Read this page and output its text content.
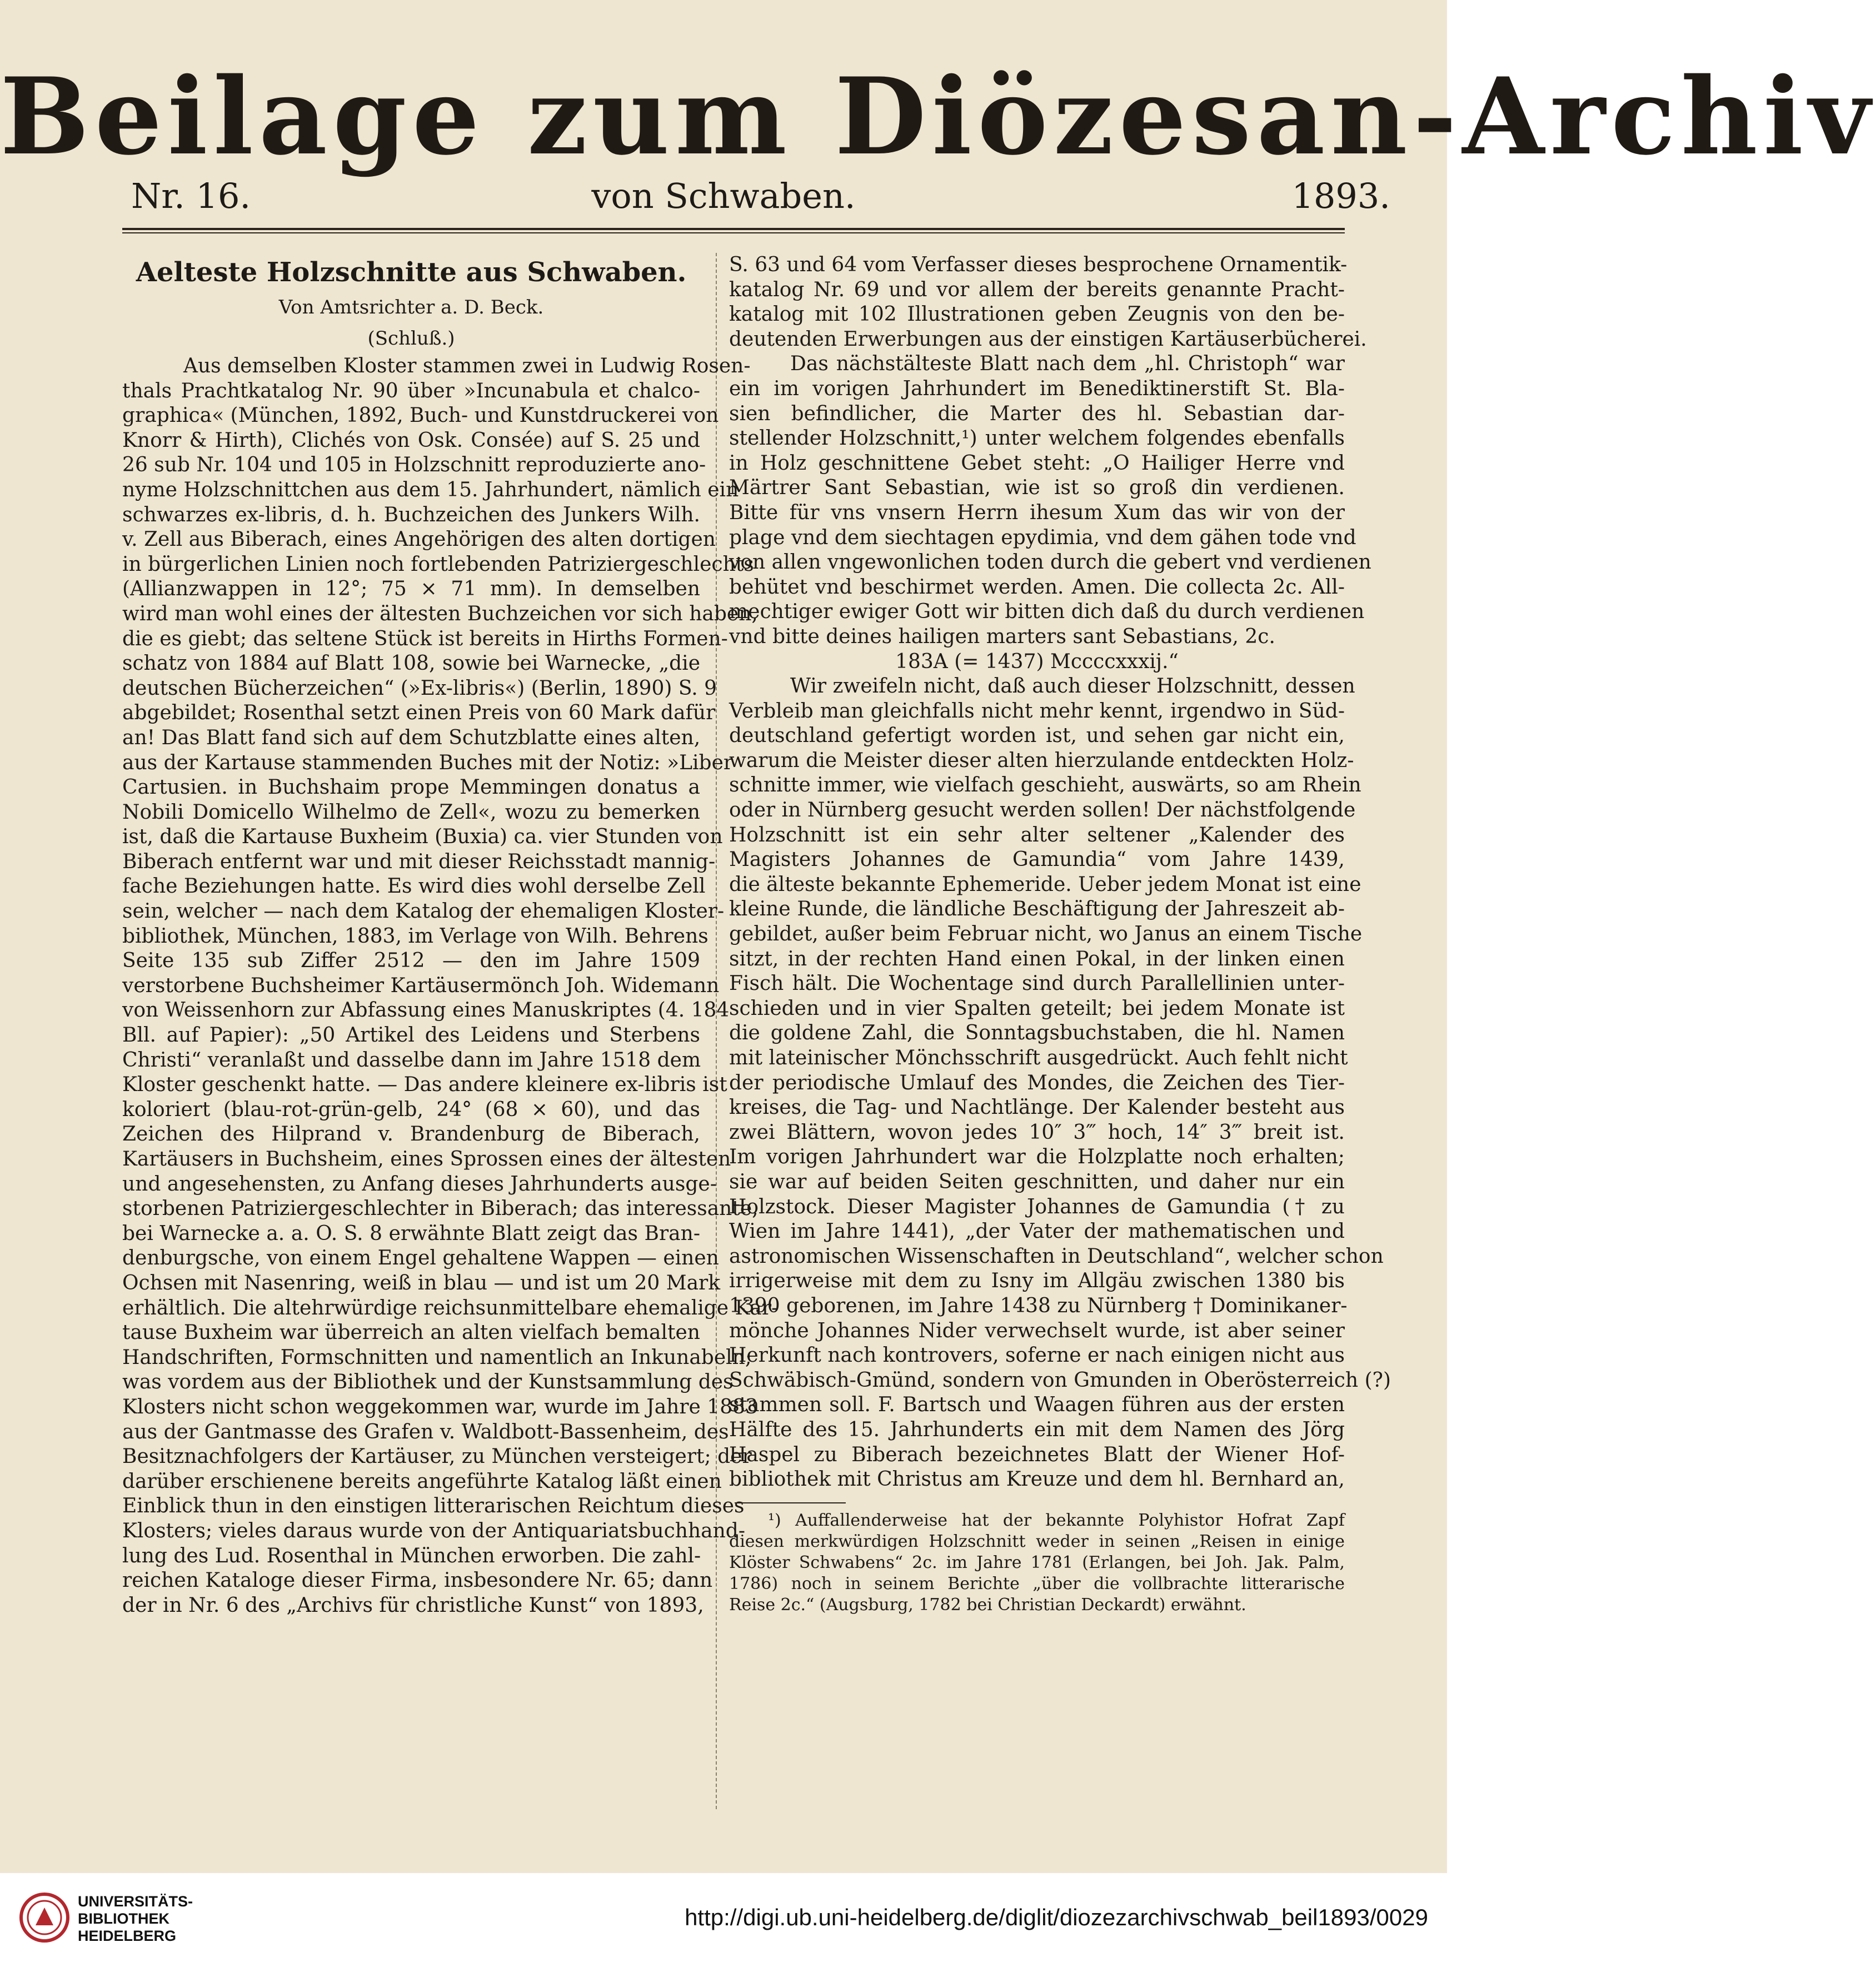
Beilage zum Diözesan-Archiv
Nr. 16.	von Schwaben.	1893.
Aelteste Holzschnitte aus Schwaben.
Von Amtsrichter a. D. Beck.
(Schluß.)
Aus demselben Kloster stammen zwei in Ludwig Rosen-
thals Prachtkatalog Nr. 90 über »Incunabula et chalco-
graphica« (München, 1892, Buch- und Kunstdruckerei von
Knorr & Hirth), Clichés von Osk. Consée) auf S. 25 und
26 sub Nr. 104 und 105 in Holzschnitt reproduzierte ano-
nyme Holzschnittchen aus dem 15. Jahrhundert, nämlich ein
schwarzes ex-libris, d. h. Buchzeichen des Junkers Wilh.
v. Zell aus Biberach, eines Angehörigen des alten dortigen
in bürgerlichen Linien noch fortlebenden Patriziergeschlechts
(Allianzwappen in 12°; 75 × 71 mm). In demselben
wird man wohl eines der ältesten Buchzeichen vor sich haben,
die es giebt; das seltene Stück ist bereits in Hirths Formen-
schatz von 1884 auf Blatt 108, sowie bei Warnecke, „die
deutschen Bücherzeichen“ (»Ex-libris«) (Berlin, 1890) S. 9
abgebildet; Rosenthal setzt einen Preis von 60 Mark dafür
an! Das Blatt fand sich auf dem Schutzblatte eines alten,
aus der Kartause stammenden Buches mit der Notiz: »Liber
Cartusien. in Buchshaim prope Memmingen donatus a
Nobili Domicello Wilhelmo de Zell«, wozu zu bemerken
ist, daß die Kartause Buxheim (Buxia) ca. vier Stunden von
Biberach entfernt war und mit dieser Reichsstadt mannig-
fache Beziehungen hatte. Es wird dies wohl derselbe Zell
sein, welcher — nach dem Katalog der ehemaligen Kloster-
bibliothek, München, 1883, im Verlage von Wilh. Behrens
Seite 135 sub Ziffer 2512 — den im Jahre 1509
verstorbene Buchsheimer Kartäusermönch Joh. Widemann
von Weissenhorn zur Abfassung eines Manuskriptes (4. 184
Bll. auf Papier): „50 Artikel des Leidens und Sterbens
Christi“ veranlaßt und dasselbe dann im Jahre 1518 dem
Kloster geschenkt hatte. — Das andere kleinere ex-libris ist
koloriert (blau-rot-grün-gelb, 24° (68 × 60), und das
Zeichen des Hilprand v. Brandenburg de Biberach,
Kartäusers in Buchsheim, eines Sprossen eines der ältesten
und angesehensten, zu Anfang dieses Jahrhunderts ausge-
storbenen Patriziergeschlechter in Biberach; das interessante,
bei Warnecke a. a. O. S. 8 erwähnte Blatt zeigt das Bran-
denburgsche, von einem Engel gehaltene Wappen — einen
Ochsen mit Nasenring, weiß in blau — und ist um 20 Mark
erhältlich. Die altehrwürdige reichsunmittelbare ehemalige Kar-
tause Buxheim war überreich an alten vielfach bemalten
Handschriften, Formschnitten und namentlich an Inkunabeln;
was vordem aus der Bibliothek und der Kunstsammlung des
Klosters nicht schon weggekommen war, wurde im Jahre 1883
aus der Gantmasse des Grafen v. Waldbott-Bassenheim, des
Besitznachfolgers der Kartäuser, zu München versteigert; der
darüber erschienene bereits angeführte Katalog läßt einen
Einblick thun in den einstigen litterarischen Reichtum dieses
Klosters; vieles daraus wurde von der Antiquariatsbuchhand-
lung des Lud. Rosenthal in München erworben. Die zahl-
reichen Kataloge dieser Firma, insbesondere Nr. 65; dann
der in Nr. 6 des „Archivs für christliche Kunst“ von 1893,
S. 63 und 64 vom Verfasser dieses besprochene Ornamentik-
katalog Nr. 69 und vor allem der bereits genannte Pracht-
katalog mit 102 Illustrationen geben Zeugnis von den be-
deutenden Erwerbungen aus der einstigen Kartäuserbücherei.
Das nächstälteste Blatt nach dem „hl. Christoph“ war
ein im vorigen Jahrhundert im Benediktinerstift St. Bla-
sien befindlicher, die Marter des hl. Sebastian dar-
stellender Holzschnitt,¹) unter welchem folgendes ebenfalls
in Holz geschnittene Gebet steht: „O Hailiger Herre vnd
Märtrer Sant Sebastian, wie ist so groß din verdienen.
Bitte für vns vnsern Herrn ihesum Xum das wir von der
plage vnd dem siechtagen epydimia, vnd dem gähen tode vnd
von allen vngewonlichen toden durch die gebert vnd verdienen
behütet vnd beschirmet werden. Amen. Die collecta 2c. All-
mechtiger ewiger Gott wir bitten dich daß du durch verdienen
vnd bitte deines hailigen marters sant Sebastians, 2c.
183A (= 1437) Mccccxxxij.“
Wir zweifeln nicht, daß auch dieser Holzschnitt, dessen
Verbleib man gleichfalls nicht mehr kennt, irgendwo in Süd-
deutschland gefertigt worden ist, und sehen gar nicht ein,
warum die Meister dieser alten hierzulande entdeckten Holz-
schnitte immer, wie vielfach geschieht, auswärts, so am Rhein
oder in Nürnberg gesucht werden sollen! Der nächstfolgende
Holzschnitt ist ein sehr alter seltener „Kalender des
Magisters Johannes de Gamundia“ vom Jahre 1439,
die älteste bekannte Ephemeride. Ueber jedem Monat ist eine
kleine Runde, die ländliche Beschäftigung der Jahreszeit ab-
gebildet, außer beim Februar nicht, wo Janus an einem Tische
sitzt, in der rechten Hand einen Pokal, in der linken einen
Fisch hält. Die Wochentage sind durch Parallellinien unter-
schieden und in vier Spalten geteilt; bei jedem Monate ist
die goldene Zahl, die Sonntagsbuchstaben, die hl. Namen
mit lateinischer Mönchsschrift ausgedrückt. Auch fehlt nicht
der periodische Umlauf des Mondes, die Zeichen des Tier-
kreises, die Tag- und Nachtlänge. Der Kalender besteht aus
zwei Blättern, wovon jedes 10″ 3‴ hoch, 14″ 3‴ breit ist.
Im vorigen Jahrhundert war die Holzplatte noch erhalten;
sie war auf beiden Seiten geschnitten, und daher nur ein
Holzstock. Dieser Magister Johannes de Gamundia († zu
Wien im Jahre 1441), „der Vater der mathematischen und
astronomischen Wissenschaften in Deutschland“, welcher schon
irrigerweise mit dem zu Isny im Allgäu zwischen 1380 bis
1390 geborenen, im Jahre 1438 zu Nürnberg † Dominikaner-
mönche Johannes Nider verwechselt wurde, ist aber seiner
Herkunft nach kontrovers, soferne er nach einigen nicht aus
Schwäbisch-Gmünd, sondern von Gmunden in Oberösterreich (?)
stammen soll. F. Bartsch und Waagen führen aus der ersten
Hälfte des 15. Jahrhunderts ein mit dem Namen des Jörg
Haspel zu Biberach bezeichnetes Blatt der Wiener Hof-
bibliothek mit Christus am Kreuze und dem hl. Bernhard an,
¹) Auffallenderweise hat der bekannte Polyhistor Hofrat Zapf
diesen merkwürdigen Holzschnitt weder in seinen „Reisen in einige
Klöster Schwabens“ 2c. im Jahre 1781 (Erlangen, bei Joh. Jak. Palm,
1786) noch in seinem Berichte „über die vollbrachte litterarische
Reise 2c.“ (Augsburg, 1782 bei Christian Deckardt) erwähnt.
UNIVERSITÄTS-
BIBLIOTHEK
HEIDELBERG
http://digi.ub.uni-heidelberg.de/diglit/diozezarchivschwab_beil1893/0029
